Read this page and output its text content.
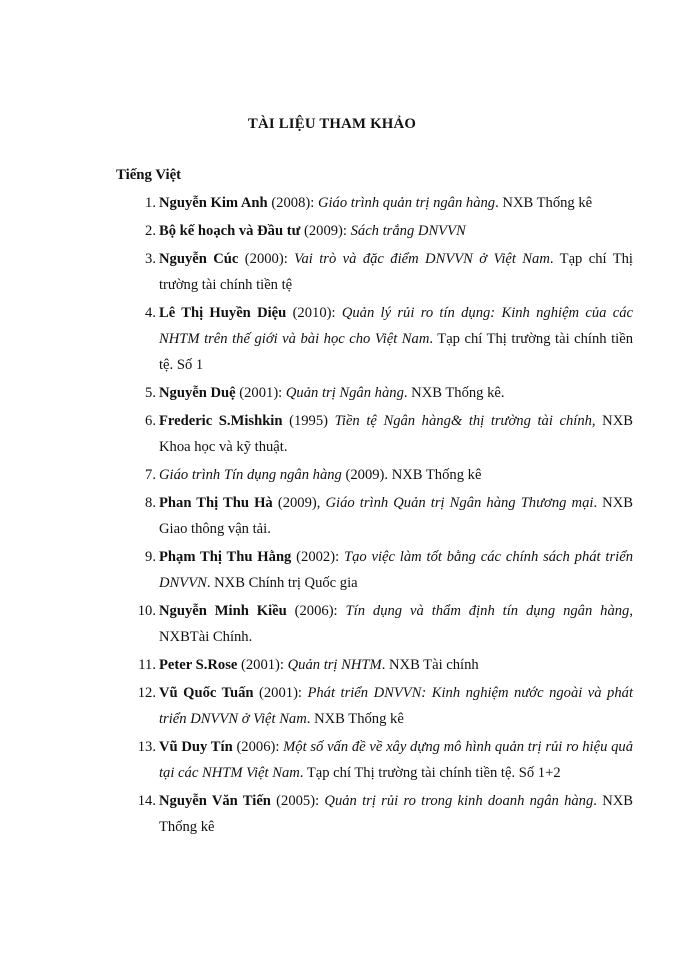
TÀI LIỆU THAM KHẢO
Tiếng Việt
1. Nguyễn Kim Anh (2008): Giáo trình quản trị ngân hàng. NXB Thống kê
2. Bộ kế hoạch và Đầu tư (2009): Sách trắng DNVVN
3. Nguyễn Cúc (2000): Vai trò và đặc điểm DNVVN ở Việt Nam. Tạp chí Thị trường tài chính tiền tệ
4. Lê Thị Huyền Diệu (2010): Quản lý rủi ro tín dụng: Kinh nghiệm của các NHTM trên thế giới và bài học cho Việt Nam. Tạp chí Thị trường tài chính tiền tệ. Số 1
5. Nguyễn Duệ (2001): Quản trị Ngân hàng. NXB Thống kê.
6. Frederic S.Mishkin (1995) Tiền tệ Ngân hàng& thị trường tài chính, NXB Khoa học và kỹ thuật.
7. Giáo trình Tín dụng ngân hàng (2009). NXB Thống kê
8. Phan Thị Thu Hà (2009), Giáo trình Quản trị Ngân hàng Thương mại. NXB Giao thông vận tải.
9. Phạm Thị Thu Hằng (2002): Tạo việc làm tốt bằng các chính sách phát triển DNVVN. NXB Chính trị Quốc gia
10. Nguyễn Minh Kiều (2006): Tín dụng và thẩm định tín dụng ngân hàng, NXBTài Chính.
11. Peter S.Rose (2001): Quản trị NHTM. NXB Tài chính
12. Vũ Quốc Tuấn (2001): Phát triển DNVVN: Kinh nghiệm nước ngoài và phát triển DNVVN ở Việt Nam. NXB Thống kê
13. Vũ Duy Tín (2006): Một số vấn đề về xây dựng mô hình quản trị rủi ro hiệu quả tại các NHTM Việt Nam. Tạp chí Thị trường tài chính tiền tệ. Số 1+2
14. Nguyễn Văn Tiến (2005): Quản trị rủi ro trong kinh doanh ngân hàng. NXB Thống kê
